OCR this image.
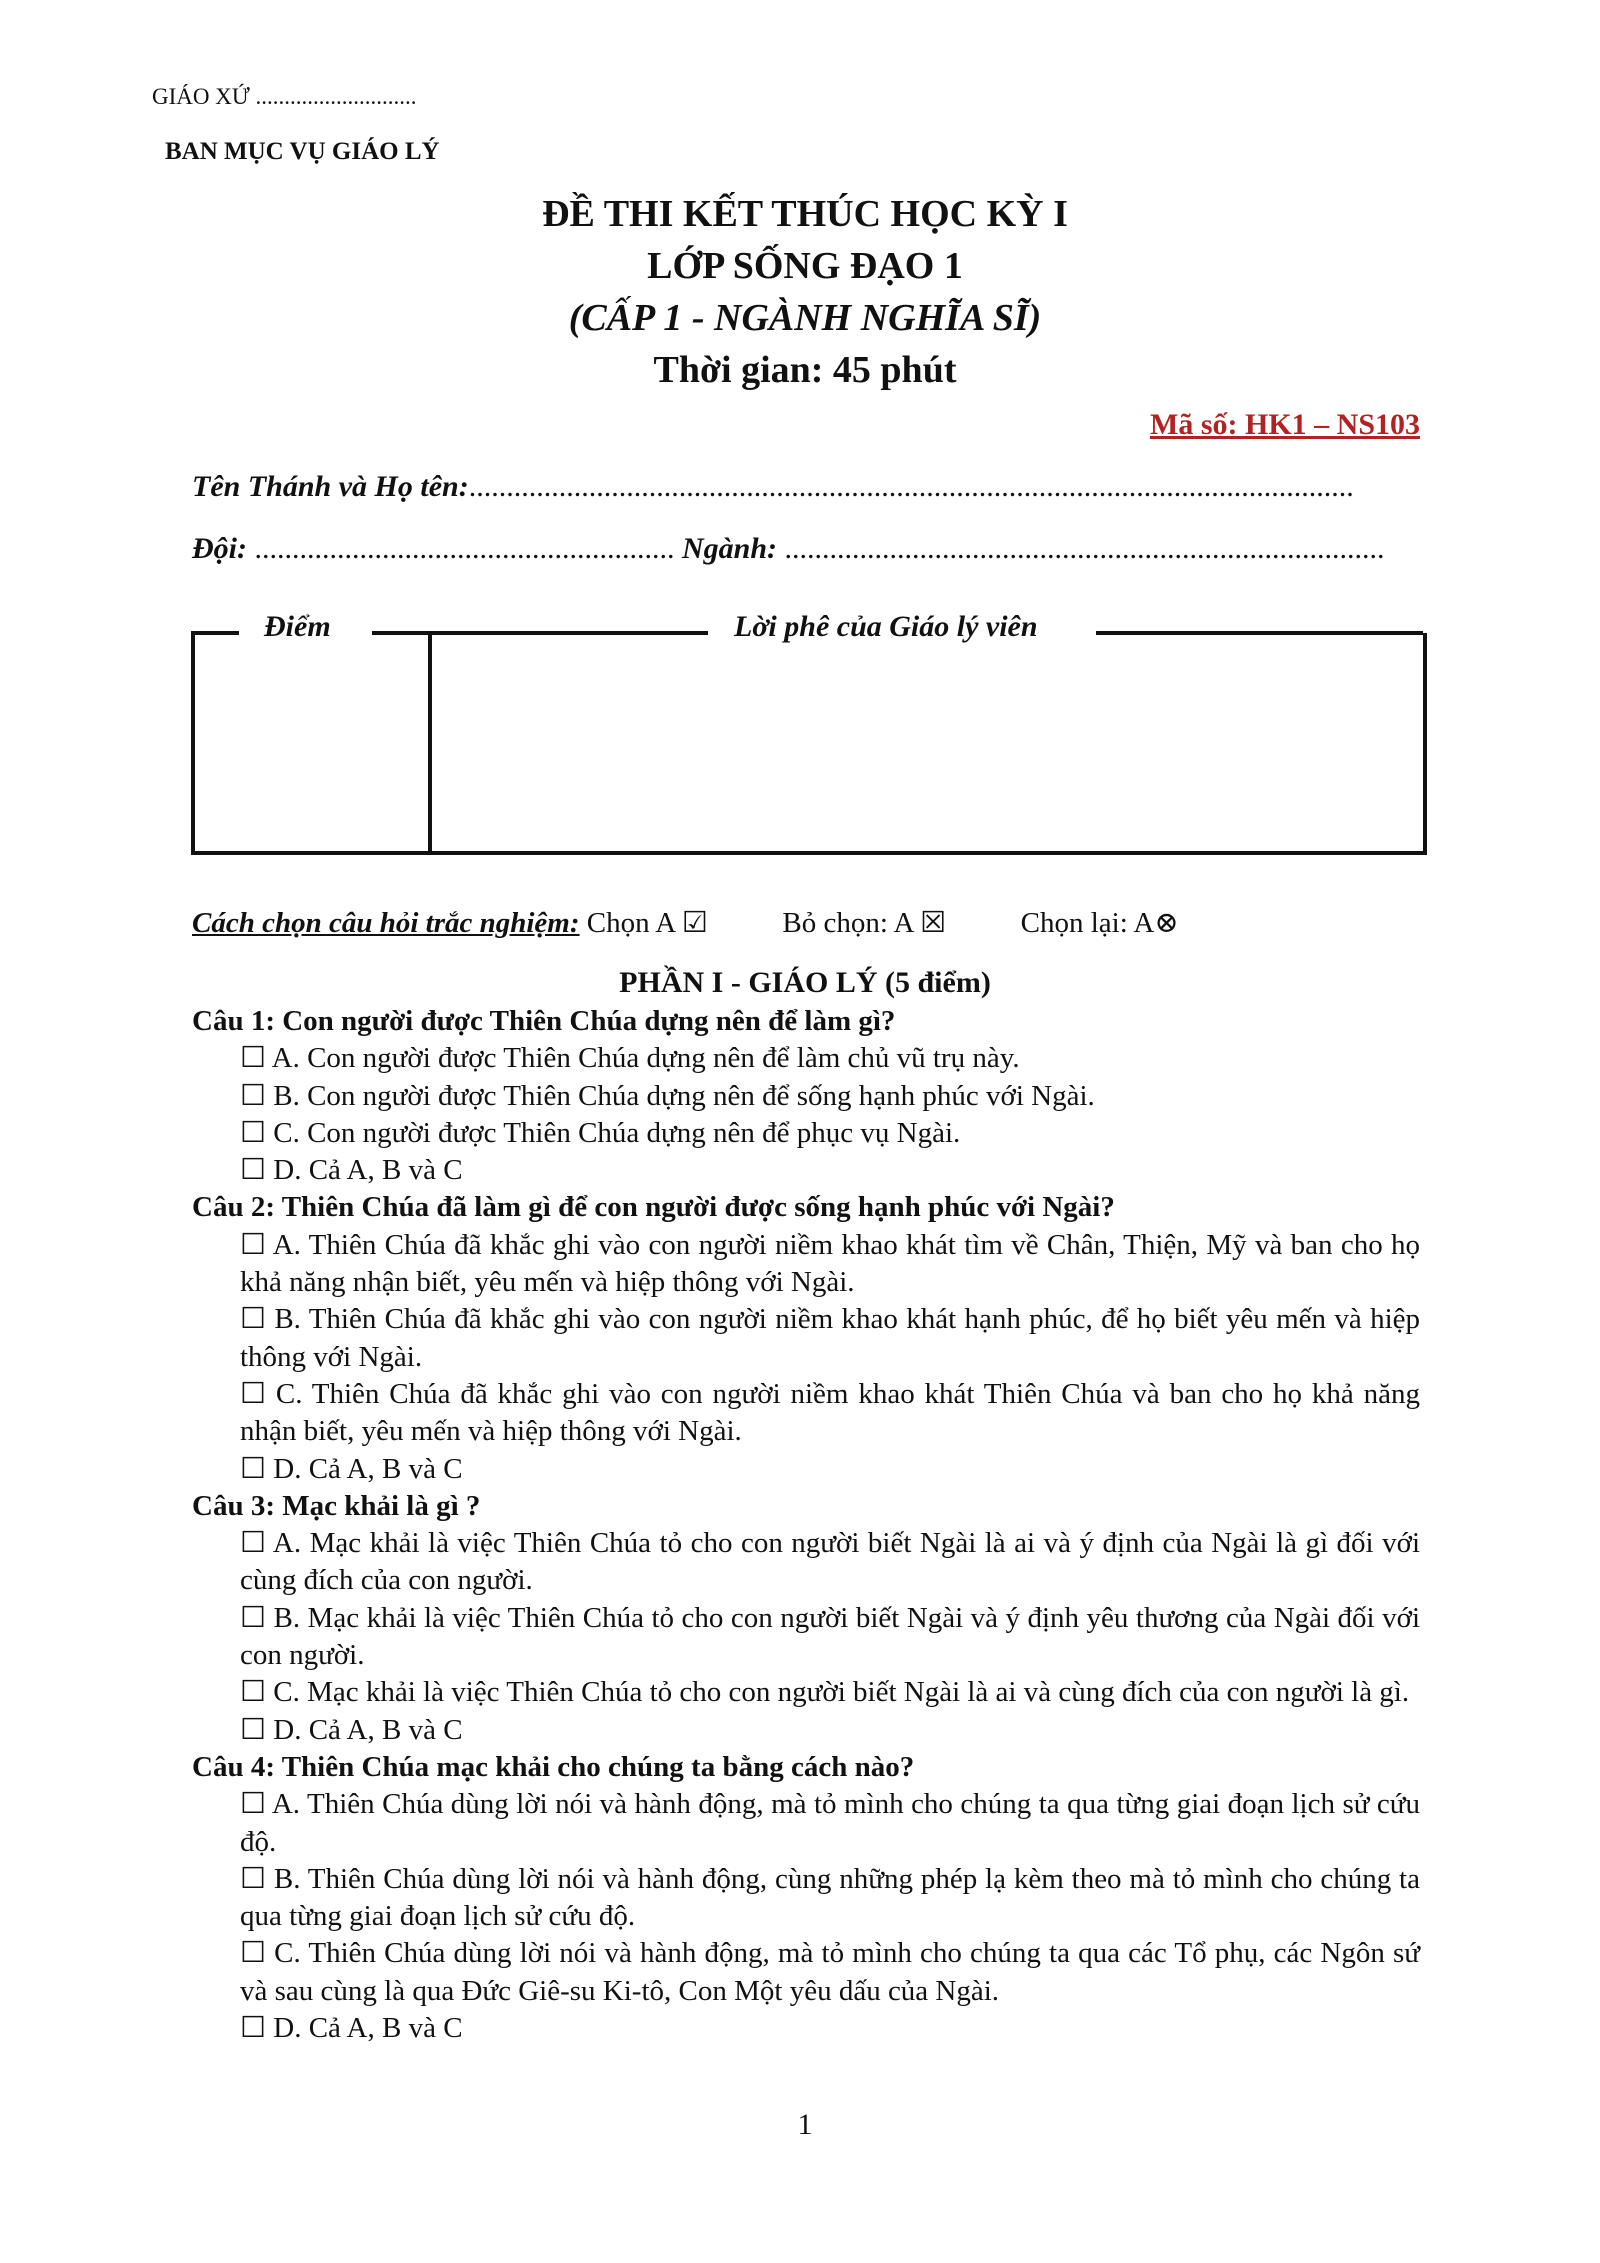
GIÁO XỨ ............................
BAN MỤC VỤ GIÁO LÝ
ĐỀ THI KẾT THÚC HỌC KỲ I
LỚP SỐNG ĐẠO 1
(CẤP 1 - NGÀNH NGHĨA SĨ)
Thời gian: 45 phút
Mã số: HK1 – NS103
Tên Thánh và Họ tên:......................................................................................................................
Đội: ........................................................ Ngành: ................................................................................
Điểm	Lời phê của Giáo lý viên
Cách chọn câu hỏi trắc nghiệm: Chọn A ☑	Bỏ chọn: A ☒	Chọn lại: A⊗
PHẦN I - GIÁO LÝ (5 điểm)
Câu 1: Con người được Thiên Chúa dựng nên để làm gì?
☐ A. Con người được Thiên Chúa dựng nên để làm chủ vũ trụ này.
☐ B. Con người được Thiên Chúa dựng nên để sống hạnh phúc với Ngài.
☐ C. Con người được Thiên Chúa dựng nên để phục vụ Ngài.
☐ D. Cả A, B và C
Câu 2: Thiên Chúa đã làm gì để con người được sống hạnh phúc với Ngài?
☐ A. Thiên Chúa đã khắc ghi vào con người niềm khao khát tìm về Chân, Thiện, Mỹ và ban cho họ khả năng nhận biết, yêu mến và hiệp thông với Ngài.
☐ B. Thiên Chúa đã khắc ghi vào con người niềm khao khát hạnh phúc, để họ biết yêu mến và hiệp thông với Ngài.
☐ C. Thiên Chúa đã khắc ghi vào con người niềm khao khát Thiên Chúa và ban cho họ khả năng nhận biết, yêu mến và hiệp thông với Ngài.
☐ D. Cả A, B và C
Câu 3: Mạc khải là gì ?
☐ A. Mạc khải là việc Thiên Chúa tỏ cho con người biết Ngài là ai và ý định của Ngài là gì đối với cùng đích của con người.
☐ B. Mạc khải là việc Thiên Chúa tỏ cho con người biết Ngài và ý định yêu thương của Ngài đối với con người.
☐ C. Mạc khải là việc Thiên Chúa tỏ cho con người biết Ngài là ai và cùng đích của con người là gì.
☐ D. Cả A, B và C
Câu 4: Thiên Chúa mạc khải cho chúng ta bằng cách nào?
☐ A. Thiên Chúa dùng lời nói và hành động, mà tỏ mình cho chúng ta qua từng giai đoạn lịch sử cứu độ.
☐ B. Thiên Chúa dùng lời nói và hành động, cùng những phép lạ kèm theo mà tỏ mình cho chúng ta qua từng giai đoạn lịch sử cứu độ.
☐ C. Thiên Chúa dùng lời nói và hành động, mà tỏ mình cho chúng ta qua các Tổ phụ, các Ngôn sứ và sau cùng là qua Đức Giê-su Ki-tô, Con Một yêu dấu của Ngài.
☐ D. Cả A, B và C
1
